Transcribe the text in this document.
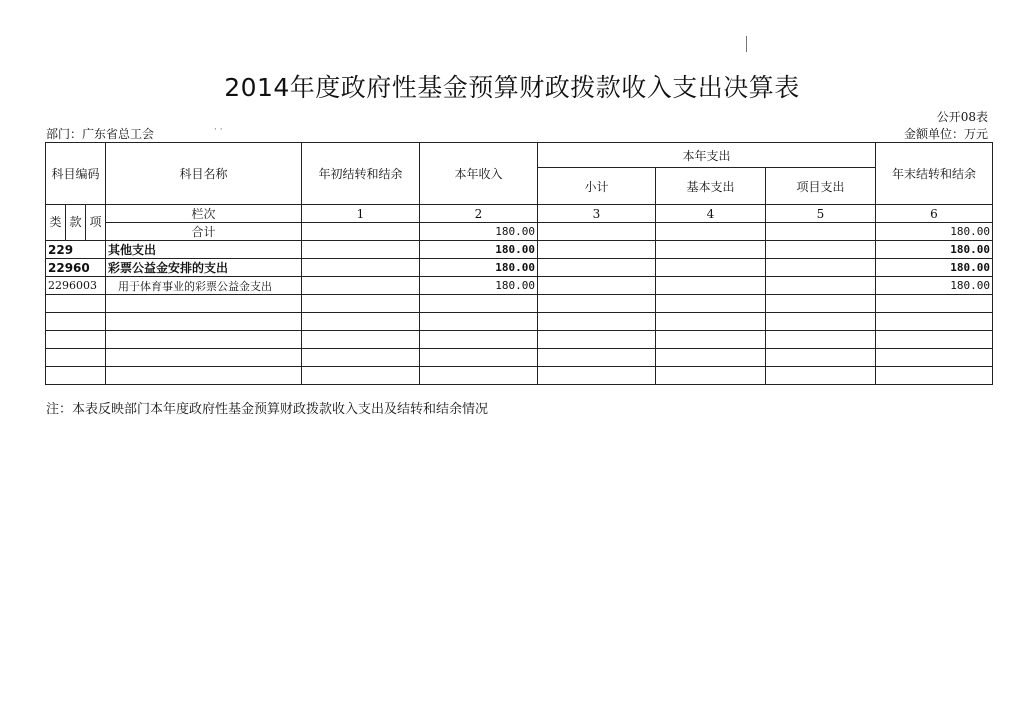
2014年度政府性基金预算财政拨款收入支出决算表
公开08表
部门：广东省总工会	· ·	金额单位：万元
科目编码	科目名称	年初结转和结余	本年收入	本年支出			年末结转和结余
				小计	基本支出	项目支出	

类 款 项	栏次	1	2	3	4	5	6
	合计		180.00				180.00
229	其他支出		180.00				180.00
22960	彩票公益金安排的支出		180.00				180.00
2296003	用于体育事业的彩票公益金支出		180.00				180.00

注：本表反映部门本年度政府性基金预算财政拨款收入支出及结转和结余情况
